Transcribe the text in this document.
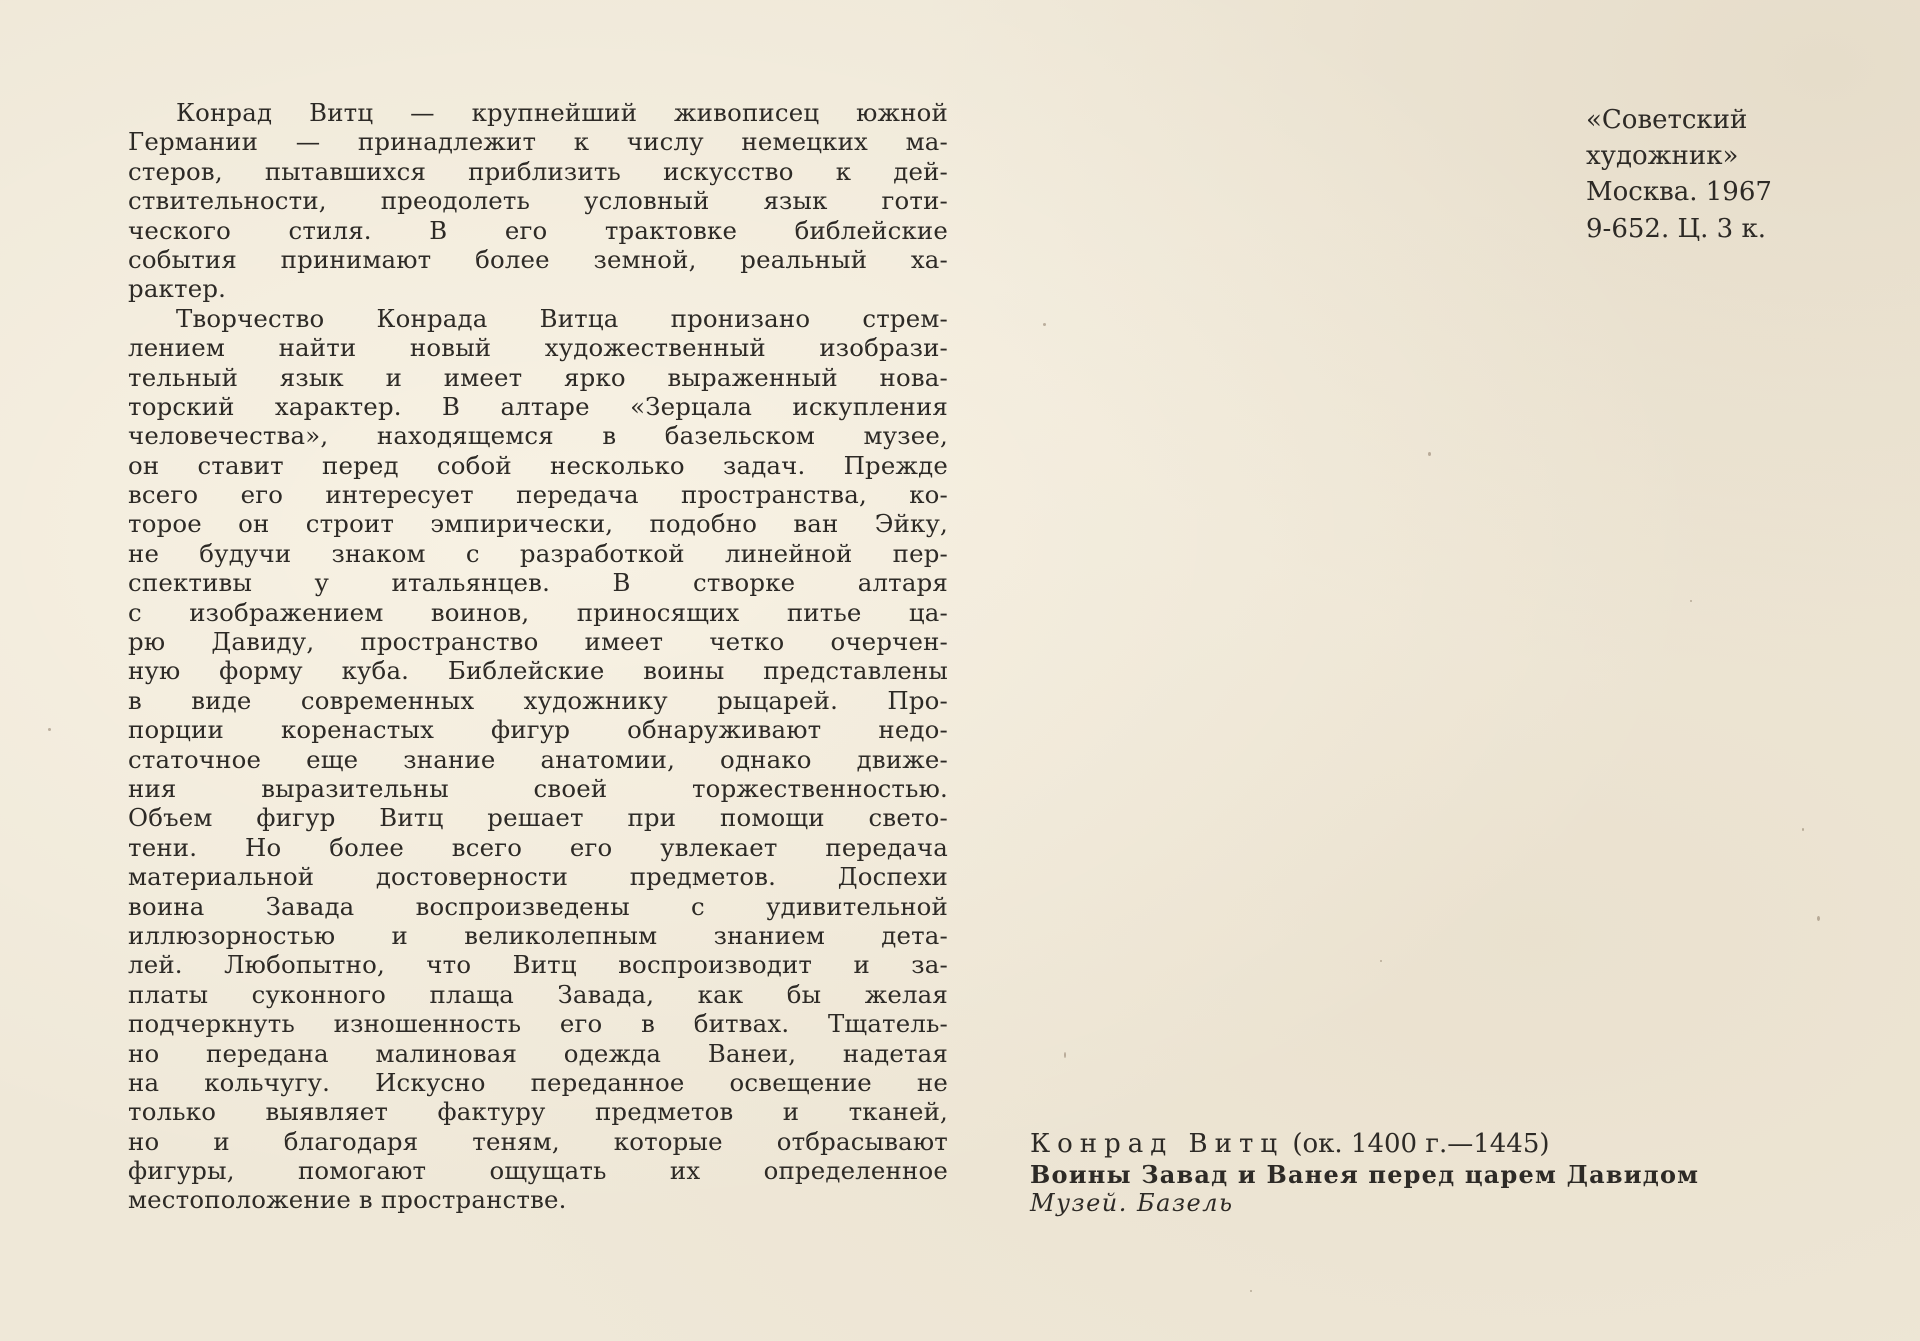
Конрад Витц — крупнейший живописец южной
Германии — принадлежит к числу немецких ма-
стеров, пытавшихся приблизить искусство к дей-
ствительности, преодолеть условный язык готи-
ческого стиля. В его трактовке библейские
события принимают более земной, реальный ха-
рактер.
Творчество Конрада Витца пронизано стрем-
лением найти новый художественный изобрази-
тельный язык и имеет ярко выраженный нова-
торский характер. В алтаре «Зерцала искупления
человечества», находящемся в базельском музее,
он ставит перед собой несколько задач. Прежде
всего его интересует передача пространства, ко-
торое он строит эмпирически, подобно ван Эйку,
не будучи знаком с разработкой линейной пер-
спективы у итальянцев. В створке алтаря
с изображением воинов, приносящих питье ца-
рю Давиду, пространство имеет четко очерчен-
ную форму куба. Библейские воины представлены
в виде современных художнику рыцарей. Про-
порции коренастых фигур обнаруживают недо-
статочное еще знание анатомии, однако движе-
ния выразительны своей торжественностью.
Объем фигур Витц решает при помощи свето-
тени. Но более всего его увлекает передача
материальной достоверности предметов. Доспехи
воина Завада воспроизведены с удивительной
иллюзорностью и великолепным знанием дета-
лей. Любопытно, что Витц воспроизводит и за-
платы суконного плаща Завада, как бы желая
подчеркнуть изношенность его в битвах. Тщатель-
но передана малиновая одежда Ванеи, надетая
на кольчугу. Искусно переданное освещение не
только выявляет фактуру предметов и тканей,
но и благодаря теням, которые отбрасывают
фигуры, помогают ощущать их определенное
местоположение в пространстве.
«Советский
художник»
Москва. 1967
9-652. Ц. 3 к.
Конрад Витц (ок. 1400 г.—1445)
Воины Завад и Ванея перед царем Давидом
Музей. Базель
